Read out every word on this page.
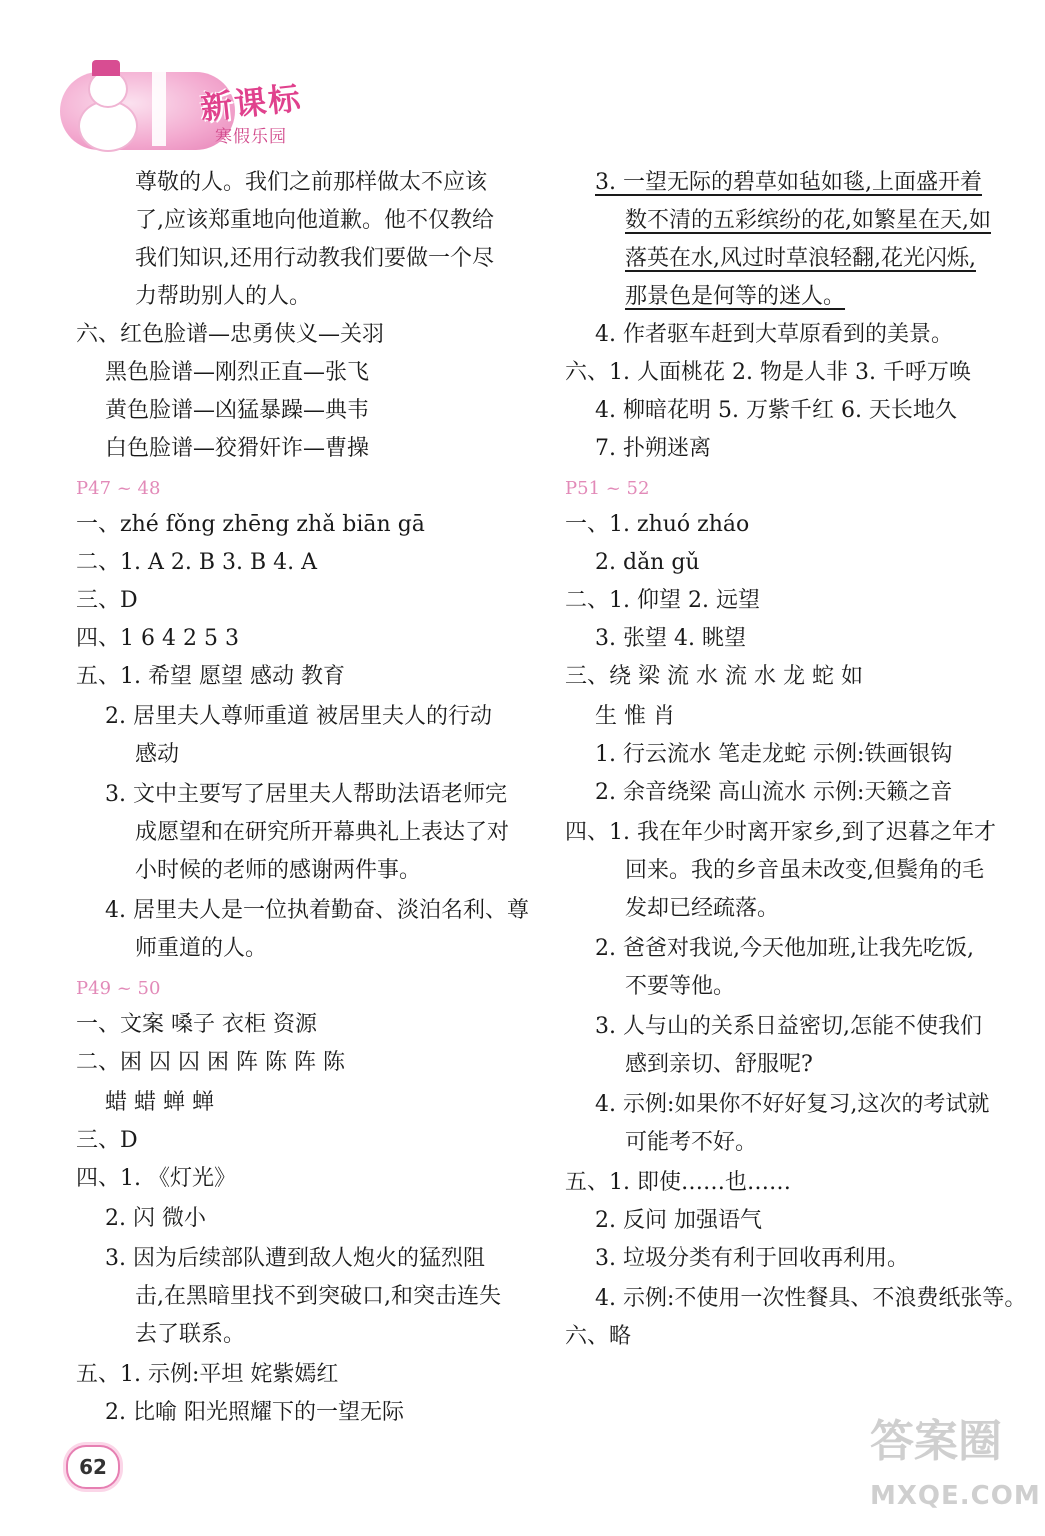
新课标
寒假乐园
尊敬的人。我们之前那样做太不应该
了,应该郑重地向他道歉。他不仅教给
我们知识,还用行动教我们要做一个尽
力帮助别人的人。
六、红色脸谱—忠勇侠义—关羽
黑色脸谱—刚烈正直—张飞
黄色脸谱—凶猛暴躁—典韦
白色脸谱—狡猾奸诈—曹操
P47 ~ 48
一、zhé fǒng zhēng zhǎ biān gā
二、1. A 2. B 3. B 4. A
三、D
四、1 6 4 2 5 3
五、1. 希望 愿望 感动 教育
2. 居里夫人尊师重道 被居里夫人的行动
感动
3. 文中主要写了居里夫人帮助法语老师完
成愿望和在研究所开幕典礼上表达了对
小时候的老师的感谢两件事。
4. 居里夫人是一位执着勤奋、淡泊名利、尊
师重道的人。
P49 ~ 50
一、文案 嗓子 衣柜 资源
二、困 囚 囚 困 阵 陈 阵 陈
蜡 蜡 蝉 蝉
三、D
四、1. 《灯光》
2. 闪 微小
3. 因为后续部队遭到敌人炮火的猛烈阻
击,在黑暗里找不到突破口,和突击连失
去了联系。
五、1. 示例:平坦 姹紫嫣红
2. 比喻 阳光照耀下的一望无际
3. 一望无际的碧草如毡如毯,上面盛开着
数不清的五彩缤纷的花,如繁星在天,如
落英在水,风过时草浪轻翻,花光闪烁,
那景色是何等的迷人。
4. 作者驱车赶到大草原看到的美景。
六、1. 人面桃花 2. 物是人非 3. 千呼万唤
4. 柳暗花明 5. 万紫千红 6. 天长地久
7. 扑朔迷离
P51 ~ 52
一、1. zhuó zháo
2. dǎn gǔ
二、1. 仰望 2. 远望
3. 张望 4. 眺望
三、绕 梁 流 水 流 水 龙 蛇 如
生 惟 肖
1. 行云流水 笔走龙蛇 示例:铁画银钩
2. 余音绕梁 高山流水 示例:天籁之音
四、1. 我在年少时离开家乡,到了迟暮之年才
回来。我的乡音虽未改变,但鬓角的毛
发却已经疏落。
2. 爸爸对我说,今天他加班,让我先吃饭,
不要等他。
3. 人与山的关系日益密切,怎能不使我们
感到亲切、舒服呢?
4. 示例:如果你不好好复习,这次的考试就
可能考不好。
五、1. 即使……也……
2. 反问 加强语气
3. 垃圾分类有利于回收再利用。
4. 示例:不使用一次性餐具、不浪费纸张等。
六、略
62	答案圈
MXQE.COM
